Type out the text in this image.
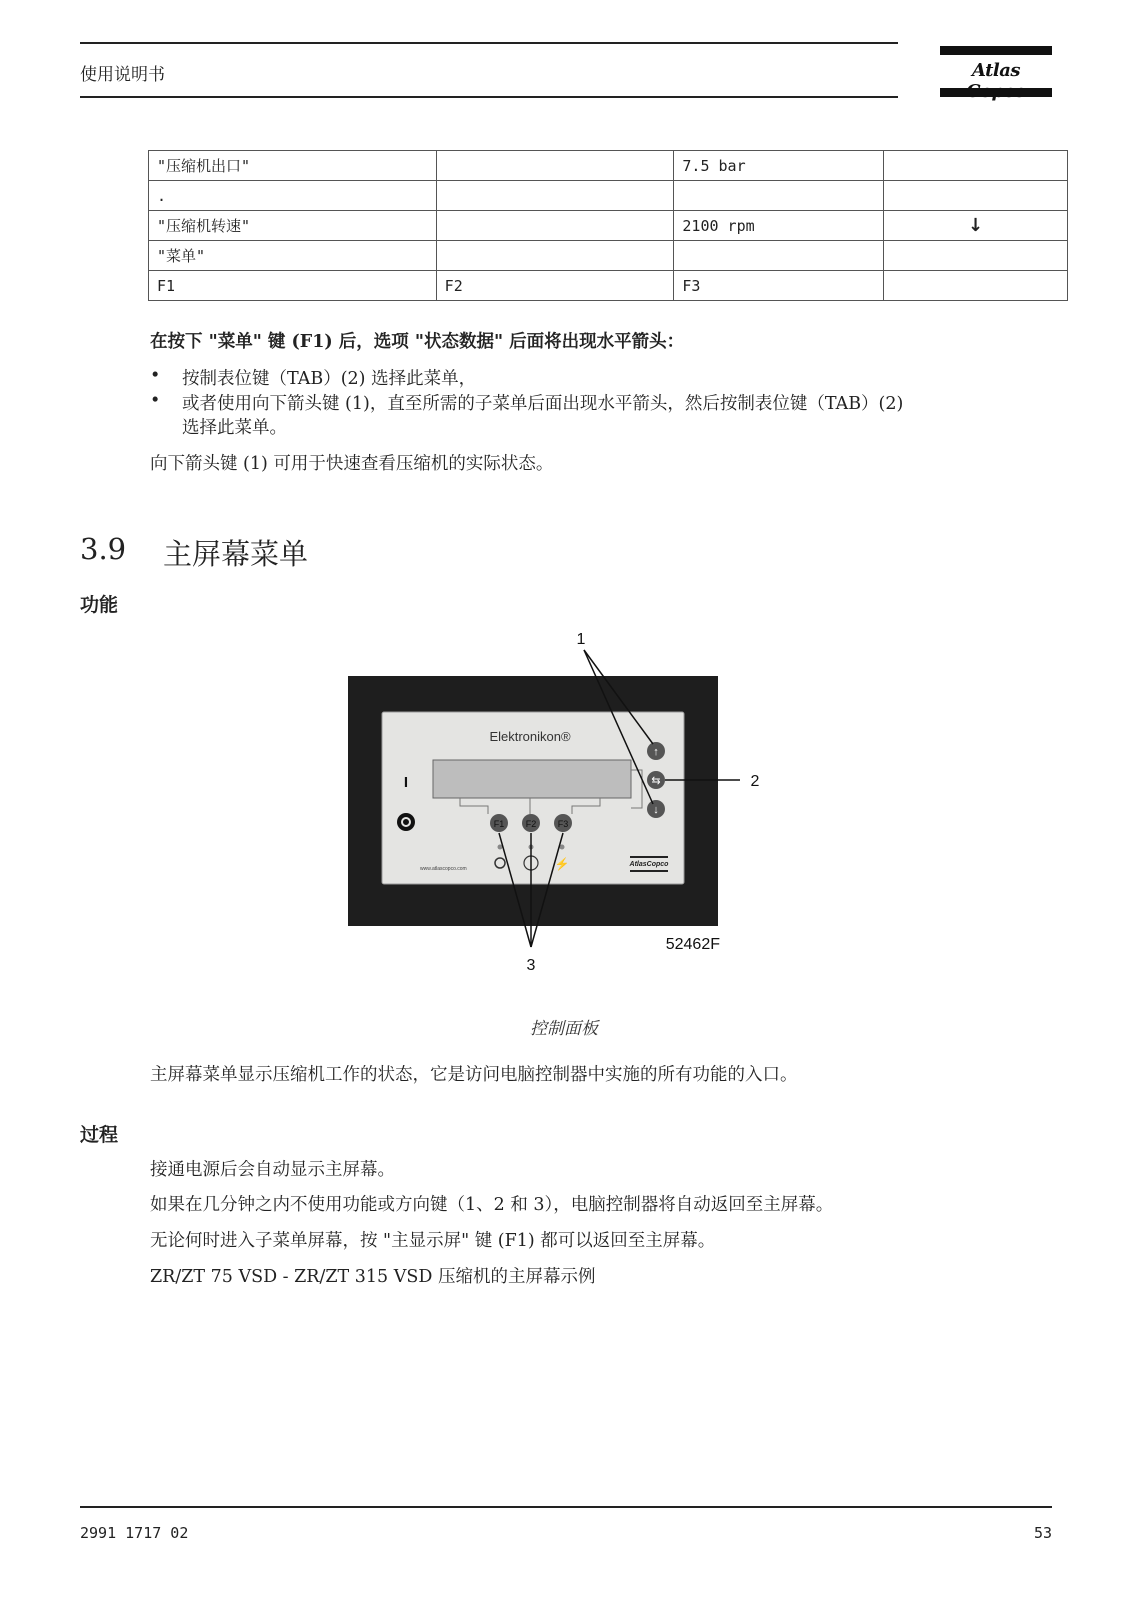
使用说明书	Atlas
"压缩机出口"		7.5 bar	
.			
"压缩机转速"		2100 rpm	↓
"菜单"			
F1	F2	F3	
在按下 "菜单" 键 (F1) 后，选项 "状态数据" 后面将出现水平箭头：
• 按制表位键（TAB）(2) 选择此菜单，
• 或者使用向下箭头键 (1)，直至所需的子菜单后面出现水平箭头，然后按制表位键（TAB）(2)
选择此菜单。
向下箭头键 (1) 可用于快速查看压缩机的实际状态。
3.9 主屏幕菜单
功能
Elektronikon®
I
F1 F2 F3
↑
⇆
↓
⚡
www.atlascopco.com
AtlasCopco
1
2
3
52462F
控制面板
主屏幕菜单显示压缩机工作的状态，它是访问电脑控制器中实施的所有功能的入口。
过程
接通电源后会自动显示主屏幕。
如果在几分钟之内不使用功能或方向键（1、2 和 3），电脑控制器将自动返回至主屏幕。
无论何时进入子菜单屏幕，按 "主显示屏" 键 (F1) 都可以返回至主屏幕。
ZR/ZT 75 VSD - ZR/ZT 315 VSD 压缩机的主屏幕示例
2991 1717 02	53
